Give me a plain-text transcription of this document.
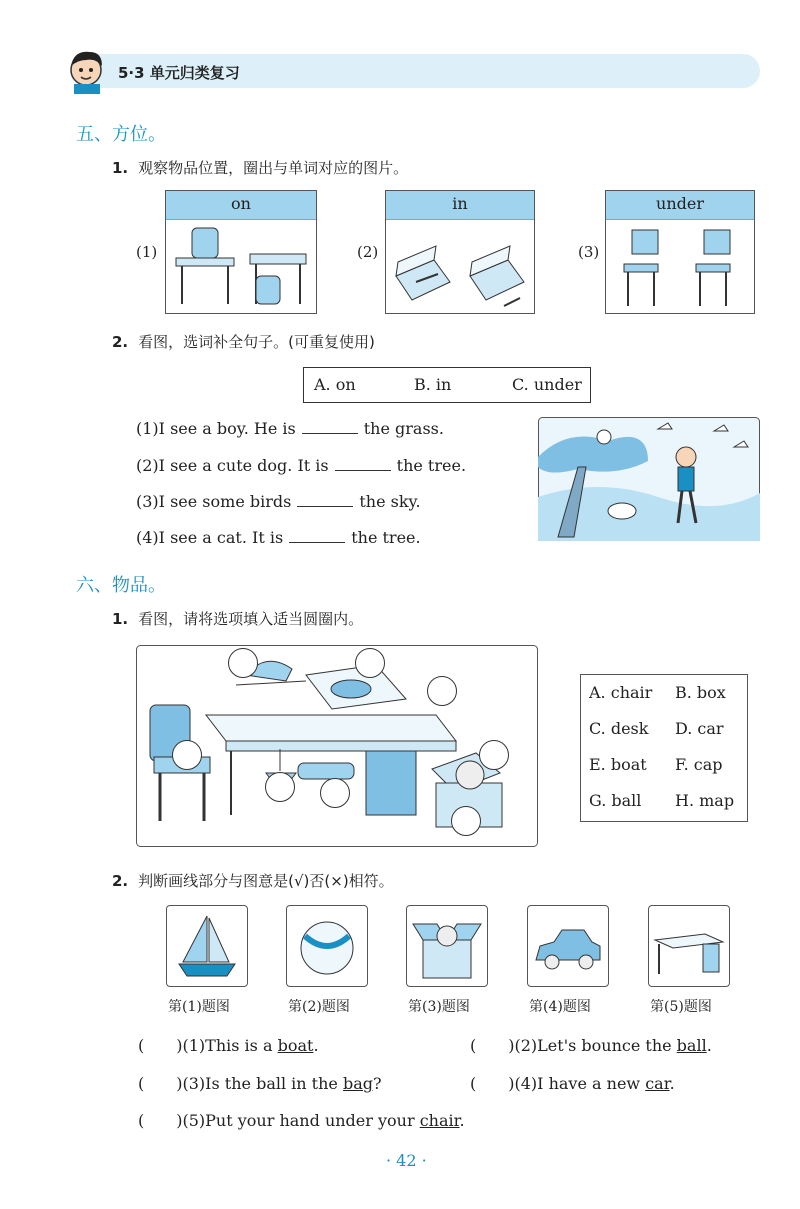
5·3 单元归类复习
五、方位。
1. 观察物品位置，圈出与单词对应的图片。
(1)
on
(2)
in
(3)
under
2. 看图，选词补全句子。(可重复使用)
A. on	B. in	C. under
(1)I see a boy. He is	the grass.
(2)I see a cute dog. It is	the tree.
(3)I see some birds	the sky.
(4)I see a cat. It is	the tree.
六、物品。
1. 看图，请将选项填入适当圆圈内。
A. chair B. box
C. desk D. car
E. boat F. cap
G. ball H. map
2. 判断画线部分与图意是(√)否(×)相符。
第(1)题图	第(2)题图	第(3)题图	第(4)题图	第(5)题图
(　　)(1)This is a boat.	(　　)(2)Let's bounce the ball.
(　　)(3)Is the ball in the bag?	(　　)(4)I have a new car.
(　　)(5)Put your hand under your chair.
· 42 ·
